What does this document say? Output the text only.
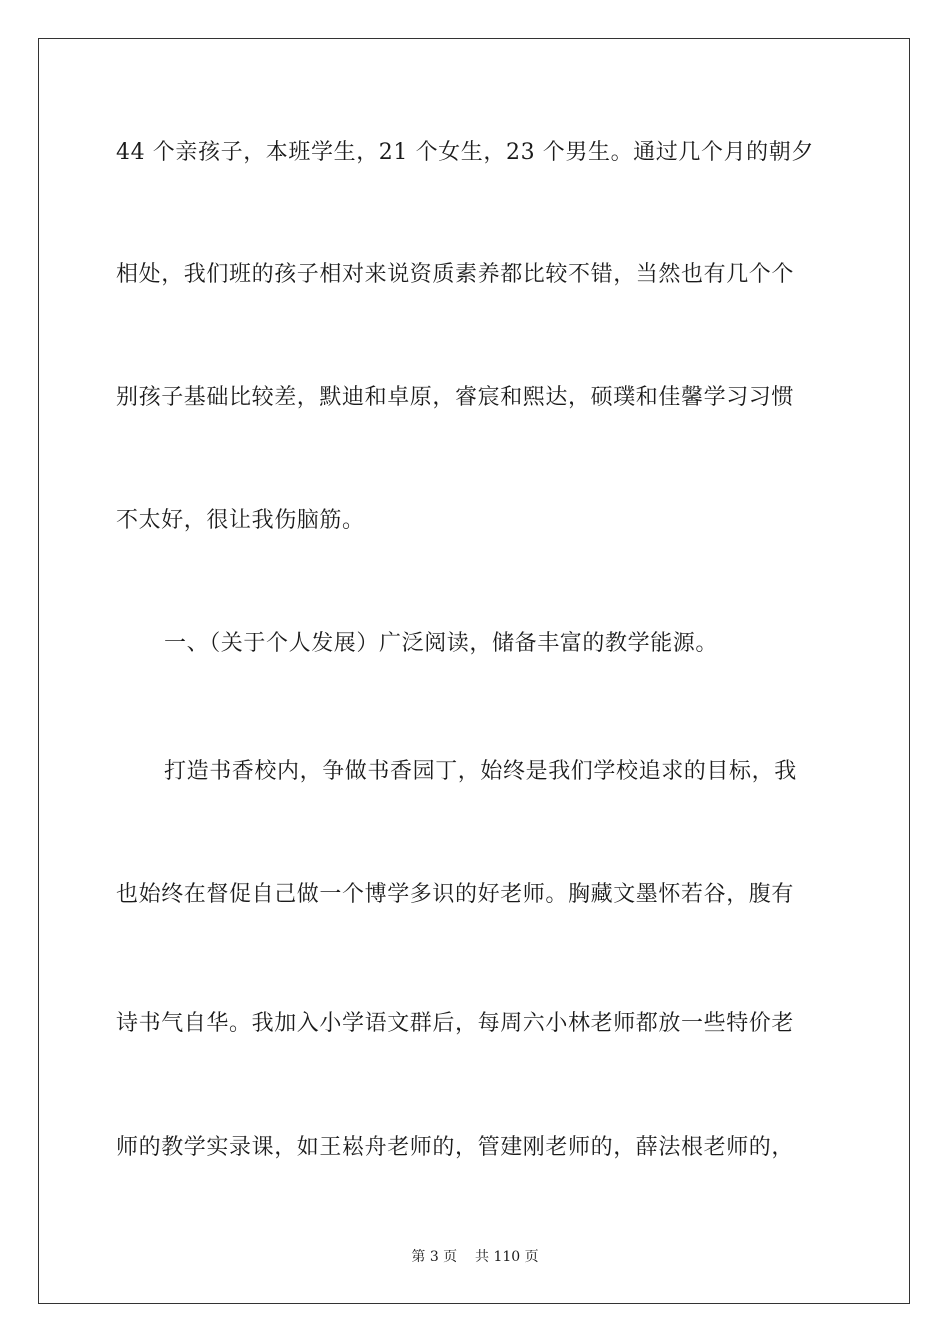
44 个亲孩子，本班学生，21 个女生，23 个男生。通过几个月的朝夕
相处，我们班的孩子相对来说资质素养都比较不错，当然也有几个个
别孩子基础比较差，默迪和卓原，睿宸和熙达，硕璞和佳馨学习习惯
不太好，很让我伤脑筋。
一、（关于个人发展）广泛阅读，储备丰富的教学能源。
打造书香校内，争做书香园丁，始终是我们学校追求的目标，我
也始终在督促自己做一个博学多识的好老师。胸藏文墨怀若谷，腹有
诗书气自华。我加入小学语文群后，每周六小林老师都放一些特价老
师的教学实录课，如王崧舟老师的，管建刚老师的，薛法根老师的，
第 3 页 共 110 页
